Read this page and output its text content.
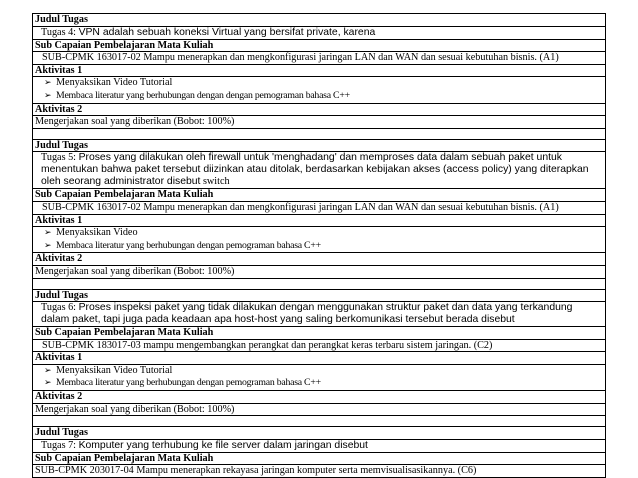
Judul Tugas
Tugas 4: VPN adalah sebuah koneksi Virtual yang bersifat private, karena
Sub Capaian Pembelajaran Mata Kuliah
SUB-CPMK 163017-02 Mampu menerapkan dan mengkonfigurasi jaringan LAN dan WAN dan sesuai kebutuhan bisnis. (A1)
Aktivitas 1

➢ Menyaksikan Video Tutorial
➢ Membaca literatur yang berhubungan dengan dengan pemograman bahasa C++

Aktivitas 2
Mengerjakan soal yang diberikan (Bobot: 100%)

Judul Tugas
Tugas 5: Proses yang dilakukan oleh firewall untuk 'menghadang' dan memproses data dalam sebuah paket untuk menentukan bahwa paket tersebut diizinkan atau ditolak, berdasarkan kebijakan akses (access policy) yang diterapkan oleh seorang administrator disebut switch
Sub Capaian Pembelajaran Mata Kuliah
SUB-CPMK 163017-02 Mampu menerapkan dan mengkonfigurasi jaringan LAN dan WAN dan sesuai kebutuhan bisnis. (A1)
Aktivitas 1

➢ Menyaksikan Video
➢ Membaca literatur yang berhubungan dengan pemograman bahasa C++

Aktivitas 2
Mengerjakan soal yang diberikan (Bobot: 100%)

Judul Tugas
Tugas 6: Proses inspeksi paket yang tidak dilakukan dengan menggunakan struktur paket dan data yang terkandung dalam paket, tapi juga pada keadaan apa host-host yang saling berkomunikasi tersebut berada disebut
Sub Capaian Pembelajaran Mata Kuliah
SUB-CPMK 183017-03 mampu mengembangkan perangkat dan perangkat keras terbaru sistem jaringan. (C2)
Aktivitas 1

➢ Menyaksikan Video Tutorial
➢ Membaca literatur yang berhubungan dengan pemograman bahasa C++

Aktivitas 2
Mengerjakan soal yang diberikan (Bobot: 100%)

Judul Tugas
Tugas 7: Komputer yang terhubung ke file server dalam jaringan disebut
Sub Capaian Pembelajaran Mata Kuliah
SUB-CPMK 203017-04 Mampu menerapkan rekayasa jaringan komputer serta memvisualisasikannya. (C6)
